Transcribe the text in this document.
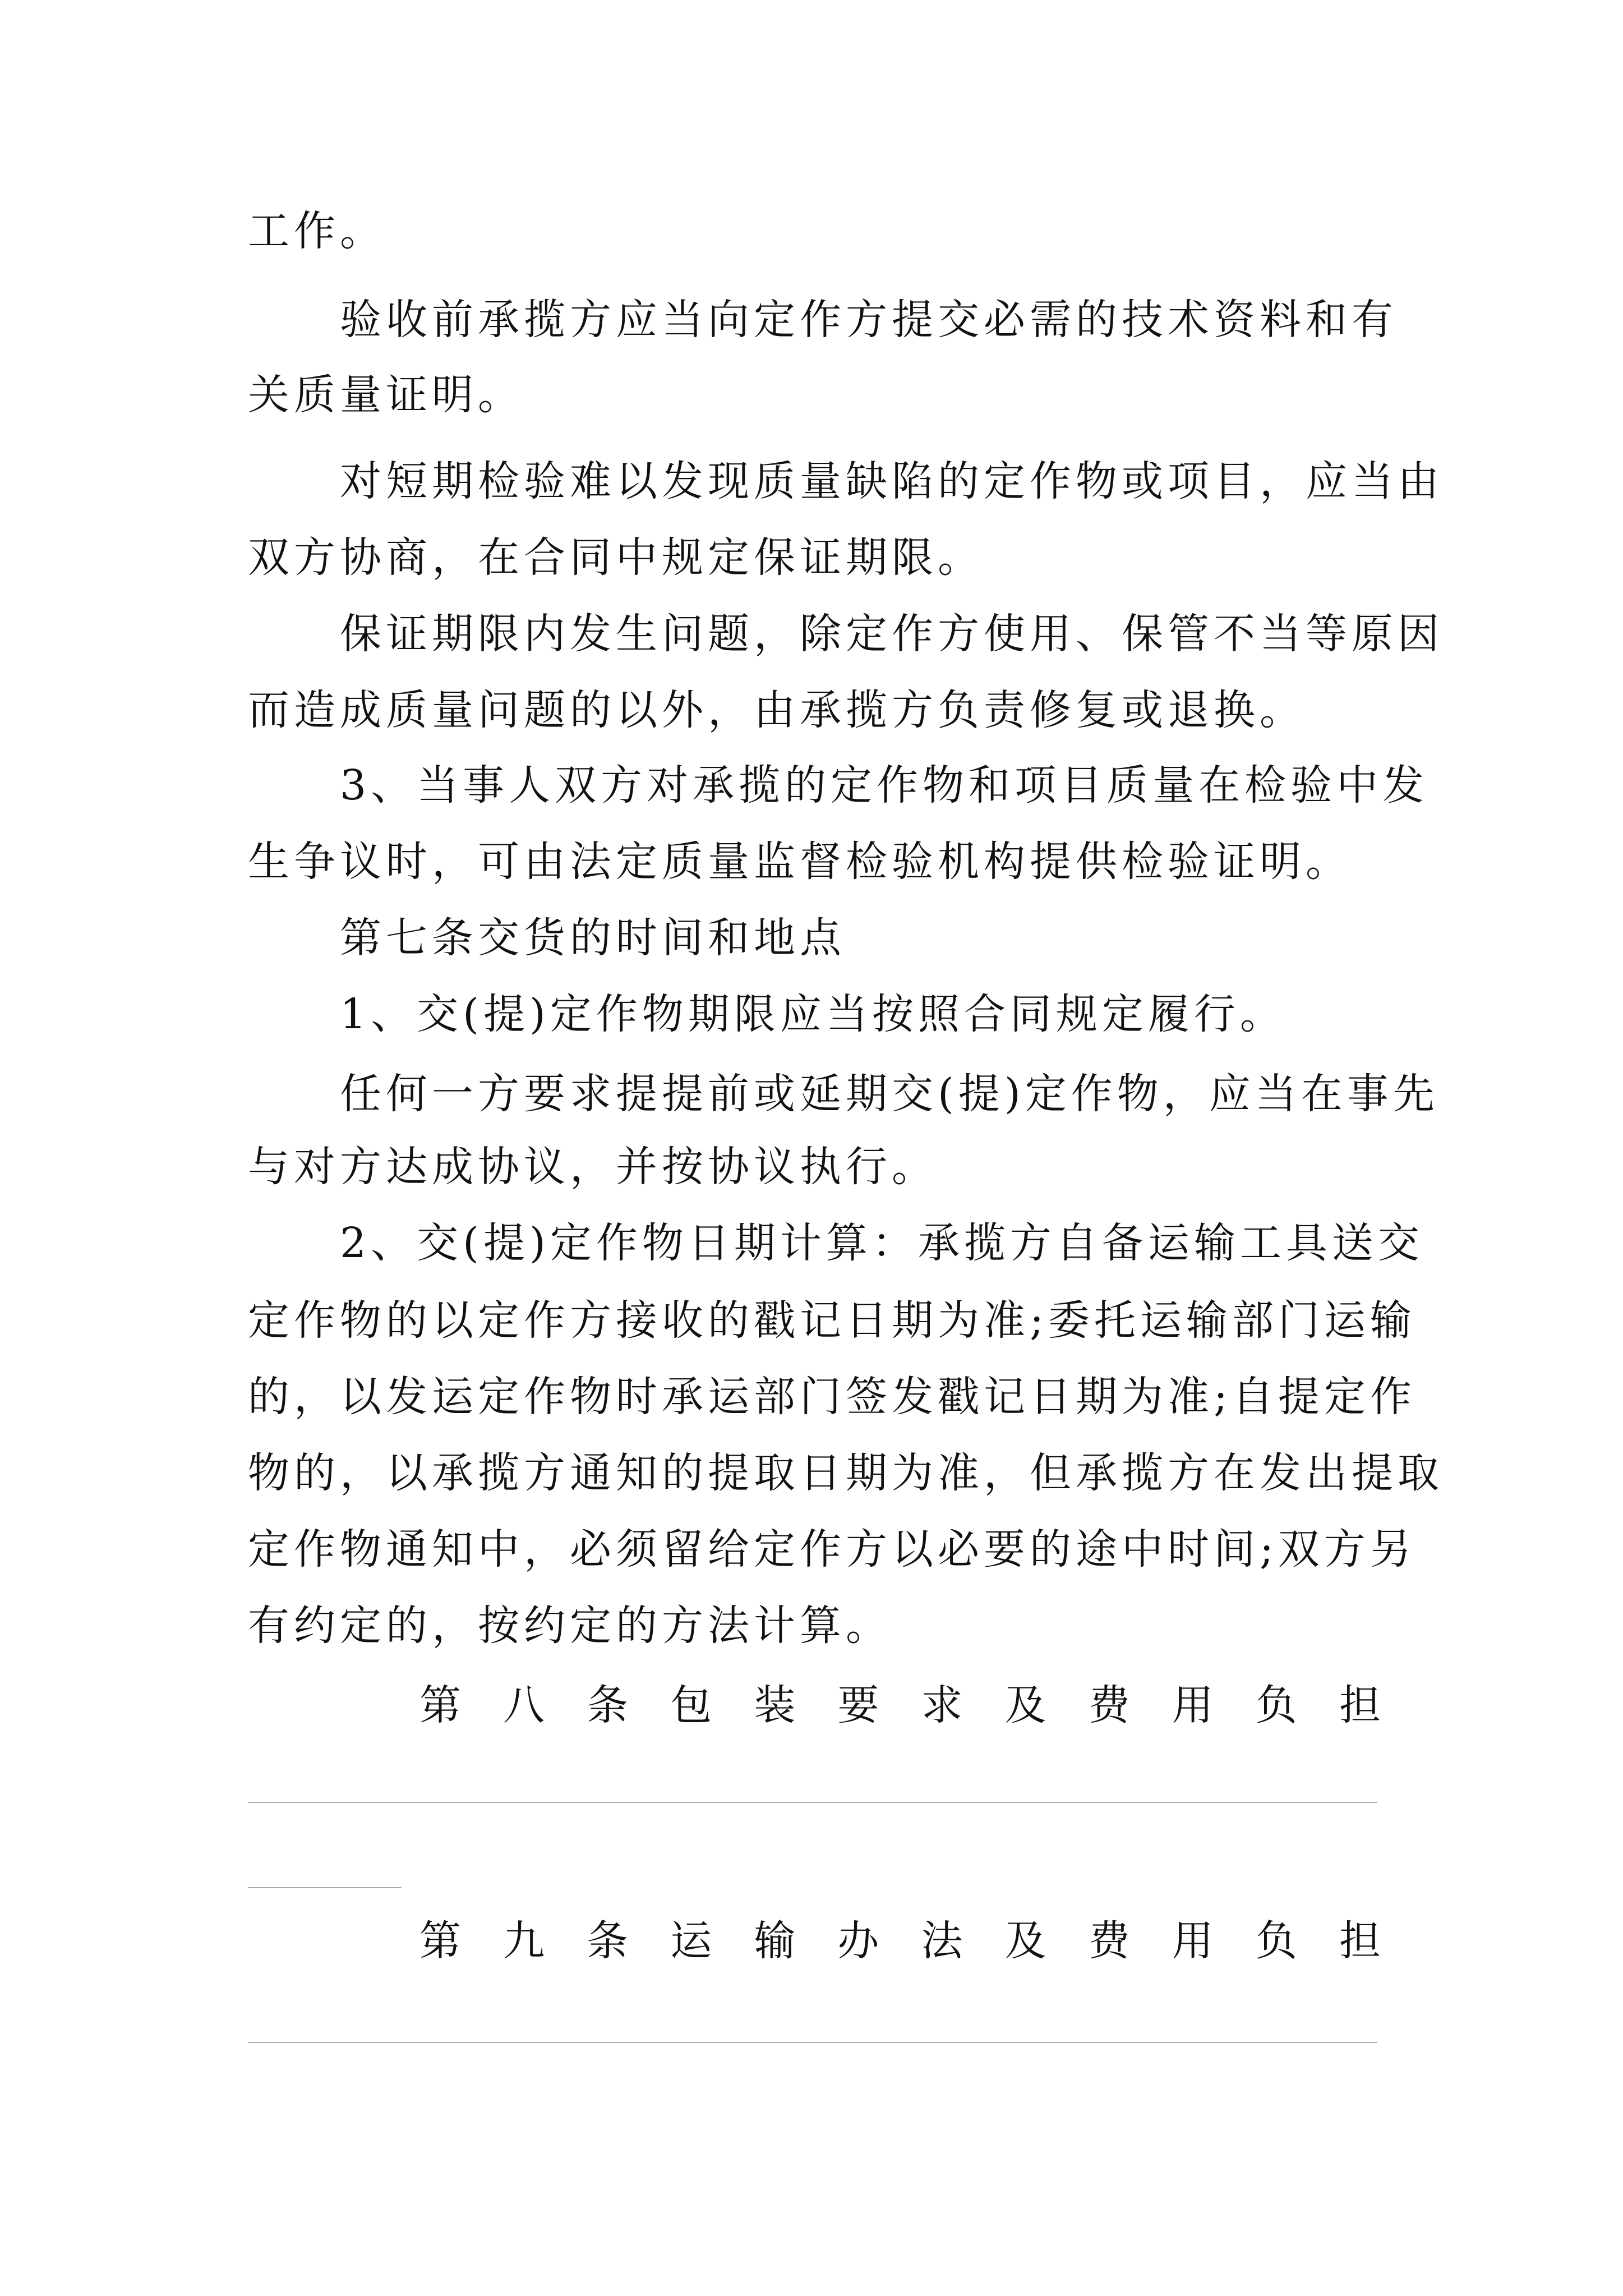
工作。
验收前承揽方应当向定作方提交必需的技术资料和有
关质量证明。
对短期检验难以发现质量缺陷的定作物或项目，应当由
双方协商，在合同中规定保证期限。
保证期限内发生问题，除定作方使用、保管不当等原因
而造成质量问题的以外，由承揽方负责修复或退换。
3、当事人双方对承揽的定作物和项目质量在检验中发
生争议时，可由法定质量监督检验机构提供检验证明。
第七条交货的时间和地点
1、交(提)定作物期限应当按照合同规定履行。
任何一方要求提提前或延期交(提)定作物，应当在事先
与对方达成协议，并按协议执行。
2、交(提)定作物日期计算：承揽方自备运输工具送交
定作物的以定作方接收的戳记日期为准;委托运输部门运输
的，以发运定作物时承运部门签发戳记日期为准;自提定作
物的，以承揽方通知的提取日期为准，但承揽方在发出提取
定作物通知中，必须留给定作方以必要的途中时间;双方另
有约定的，按约定的方法计算。
第 八 条 包 装 要 求 及 费 用 负 担
第 九 条 运 输 办 法 及 费 用 负 担
